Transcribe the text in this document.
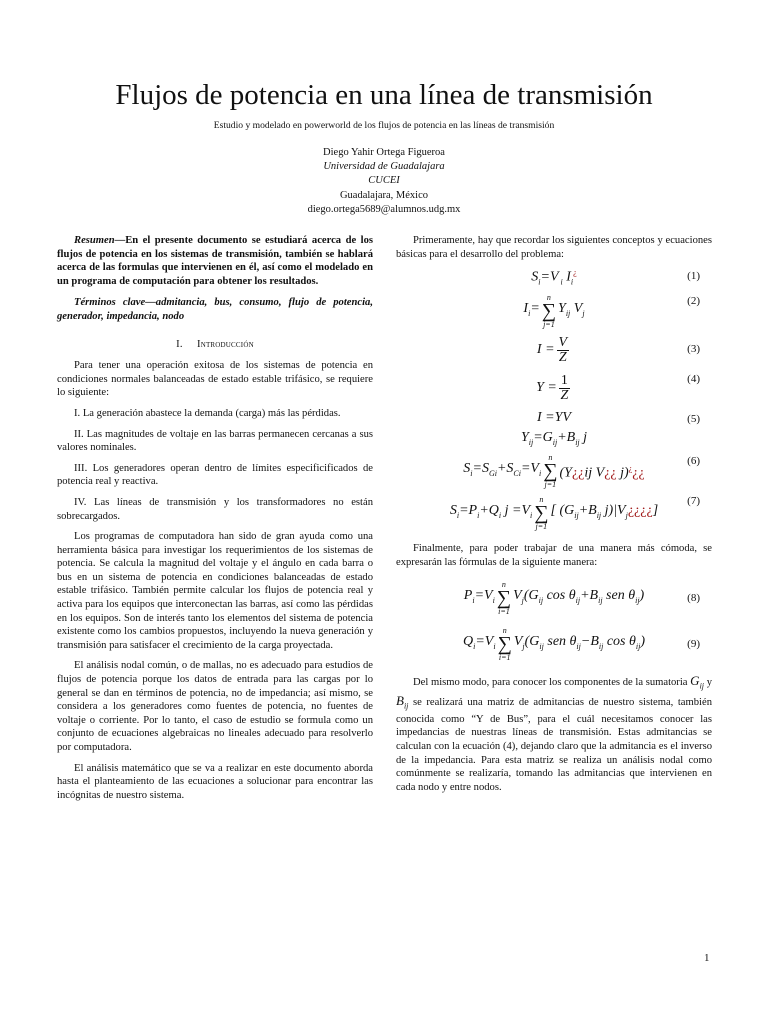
Flujos de potencia en una línea de transmisión
Estudio y modelado en powerworld de los flujos de potencia en las líneas de transmisión
Diego Yahir Ortega Figueroa
Universidad de Guadalajara
CUCEI
Guadalajara, México
diego.ortega5689@alumnos.udg.mx

Resumen—En el presente documento se estudiará acerca de los flujos de potencia en los sistemas de transmisión, también se hablará acerca de las formulas que intervienen en él, así como el modelado en un programa de computación para obtener los resultados.

Términos clave—admitancia, bus, consumo, flujo de potencia, generador, impedancia, nodo

I. Introducción

Para tener una operación exitosa de los sistemas de potencia en condiciones normales balanceadas de estado estable trifásico, se requiere lo siguiente:

I. La generación abastece la demanda (carga) más las pérdidas.

II. Las magnitudes de voltaje en las barras permanecen cercanas a sus valores nominales.

III. Los generadores operan dentro de límites especificificados de potencia real y reactiva.

IV. Las líneas de transmisión y los transformadores no están sobrecargados.

Los programas de computadora han sido de gran ayuda como una herramienta básica para investigar los requerimientos de los sistemas de potencia. Se calcula la magnitud del voltaje y el ángulo en cada barra o bus en un sistema de potencia en condiciones balanceadas de estado estable trifásico. También permite calcular los flujos de potencia real y activa para los equipos que interconectan las barras, así como las pérdidas en los equipos. Son de interés tanto los elementos del sistema de potencia existente como los cambios propuestos, incluyendo la nueva generación y transmisión para satisfacer el crecimiento de la carga proyectada.

El análisis nodal común, o de mallas, no es adecuado para estudios de flujos de potencia porque los datos de entrada para las cargas por lo general se dan en términos de potencia, no de impedancia; así mismo, se considera a los generadores como fuentes de potencia, no fuentes de voltaje o corriente. Por lo tanto, el caso de estudio se formula como un conjunto de ecuaciones algebraicas no lineales adecuado para resolverlo por computadora.

El análisis matemático que se va a realizar en este documento aborda hasta el planteamiento de las ecuaciones a solucionar para encontrar las incógnitas de nuestro sistema.

Primeramente, hay que recordar los siguientes conceptos y ecuaciones básicas para el desarrollo del problema:

$S_i=V$ $_i$ $I_i^¿$	(1)
$I_i=$
n
∑
j=1
$Y_{ij}$ $V_j$
(2)
$I = \frac{V}{Z}$	(3)
$Y = \frac{1}{Z}$	(4)
I =YV	(5)
$Y_{ij}=G_{ij}+B_{ij}$ j
$S_i=S_{Gi}+S_{Ci}=V_i$
n
∑
j=1
(Y¿¿ij V¿¿ j)¿¿¿
(6)
$S_i=P_i+Q_i$ $j =V_i$
n
∑
j=1
[ ($G_{ij}+B_{ij}$ $j)|V_j¿¿¿¿$]
(7)

Finalmente, para poder trabajar de una manera más cómoda, se expresarán las fórmulas de la siguiente manera:

$P_i=V_i$
n
∑
i=1
$V_j(G_{ij}$ $\cos \theta_{ij}+B_{ij}$ sen $\theta_{ij}$)	(8)
$Q_i=V_i$
n
∑
i=1
$V_j(G_{ij}$ sen $\theta_{ij}-B_{ij}$ $\cos \theta_{ij}$)	(9)

Del mismo modo, para conocer los componentes de la sumatoria $G_{ij}$ y $B_{ij}$ se realizará una matriz de admitancias de nuestro sistema, también conocida como “Y de Bus”, para el cuál necesitamos conocer las impedancias de nuestras líneas de transmisión. Estas admitancias se calculan con la ecuación (4), dejando claro que la admitancia es el inverso de la impedancia. Para esta matriz se realiza un análisis nodal como comúnmente se realizaría, tomando las admitancias que intervienen en cada nodo y entre nodos.

1
